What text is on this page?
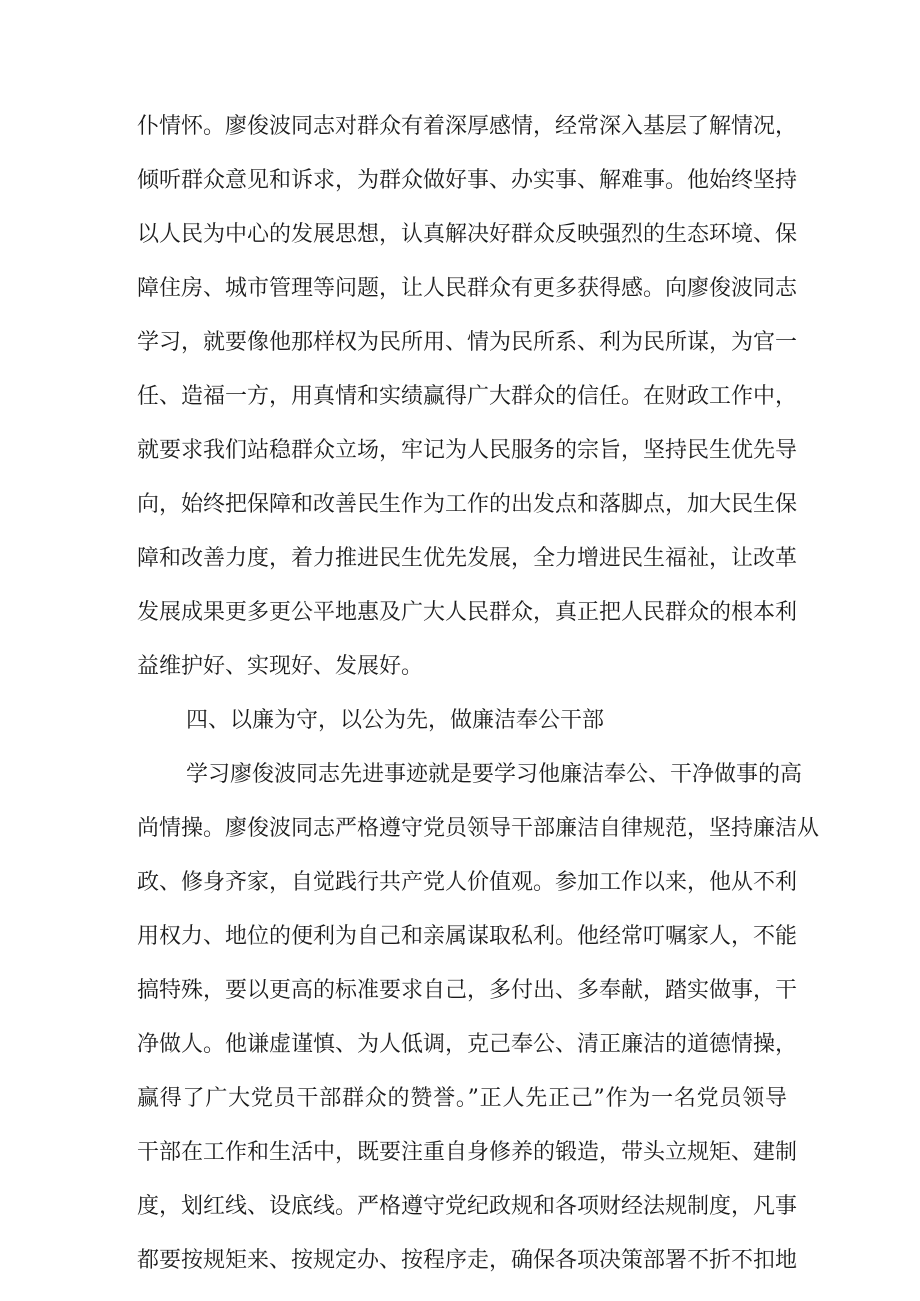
仆情怀。廖俊波同志对群众有着深厚感情，经常深入基层了解情况，

倾听群众意见和诉求，为群众做好事、办实事、解难事。他始终坚持

以人民为中心的发展思想，认真解决好群众反映强烈的生态环境、保

障住房、城市管理等问题，让人民群众有更多获得感。向廖俊波同志

学习，就要像他那样权为民所用、情为民所系、利为民所谋，为官一

任、造福一方，用真情和实绩赢得广大群众的信任。在财政工作中，

就要求我们站稳群众立场，牢记为人民服务的宗旨，坚持民生优先导

向，始终把保障和改善民生作为工作的出发点和落脚点，加大民生保

障和改善力度，着力推进民生优先发展，全力增进民生福祉，让改革

发展成果更多更公平地惠及广大人民群众，真正把人民群众的根本利

益维护好、实现好、发展好。

四、以廉为守，以公为先，做廉洁奉公干部

学习廖俊波同志先进事迹就是要学习他廉洁奉公、干净做事的高

尚情操。廖俊波同志严格遵守党员领导干部廉洁自律规范，坚持廉洁从

政、修身齐家，自觉践行共产党人价值观。参加工作以来，他从不利

用权力、地位的便利为自己和亲属谋取私利。他经常叮嘱家人，不能

搞特殊，要以更高的标准要求自己，多付出、多奉献，踏实做事，干

净做人。他谦虚谨慎、为人低调，克己奉公、清正廉洁的道德情操，

赢得了广大党员干部群众的赞誉。”正人先正己”作为一名党员领导

干部在工作和生活中，既要注重自身修养的锻造，带头立规矩、建制

度，划红线、设底线。严格遵守党纪政规和各项财经法规制度，凡事

都要按规矩来、按规定办、按程序走，确保各项决策部署不折不扣地
